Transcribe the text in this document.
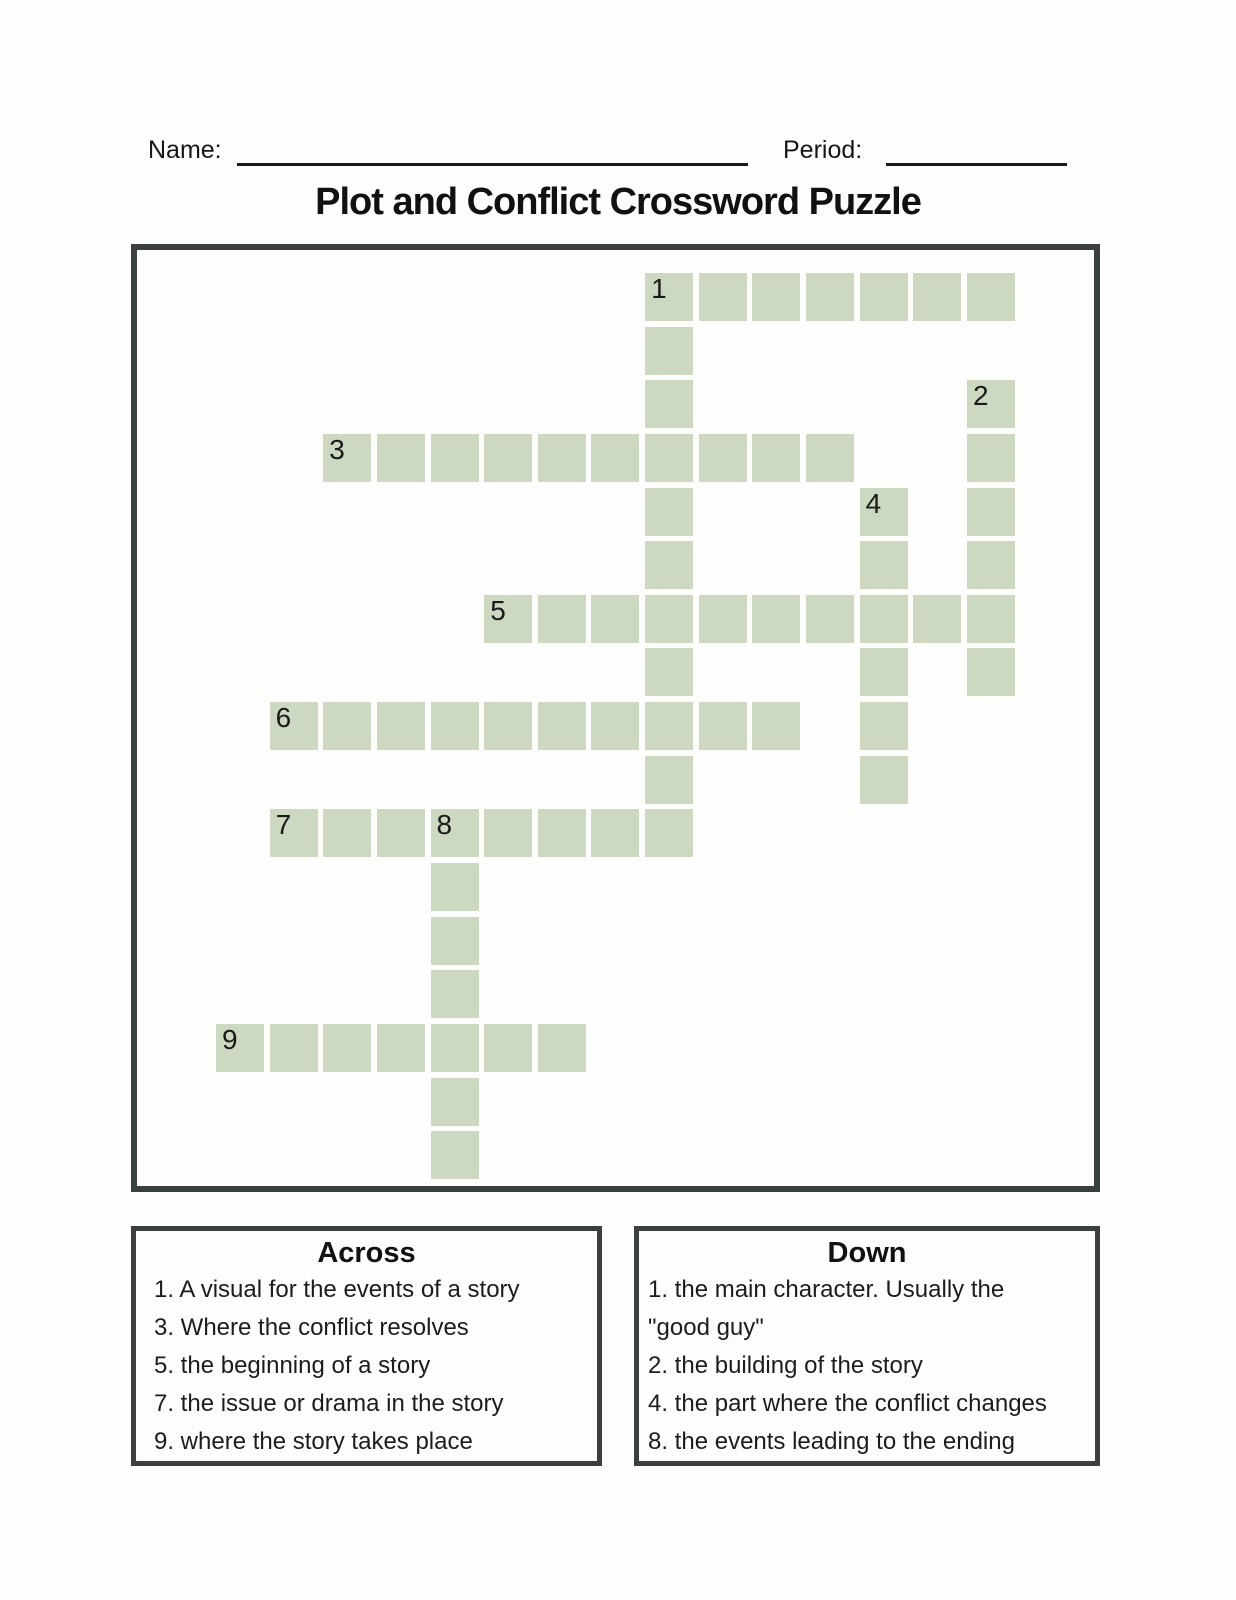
Name:	Period:
Plot and Conflict Crossword Puzzle
1
2
3
4
5
6
7	8
9
Across
1. A visual for the events of a story
3. Where the conflict resolves
5. the beginning of a story
7. the issue or drama in the story
9. where the story takes place
Down
1. the main character. Usually the
"good guy"
2. the building of the story
4. the part where the conflict changes
8. the events leading to the ending
